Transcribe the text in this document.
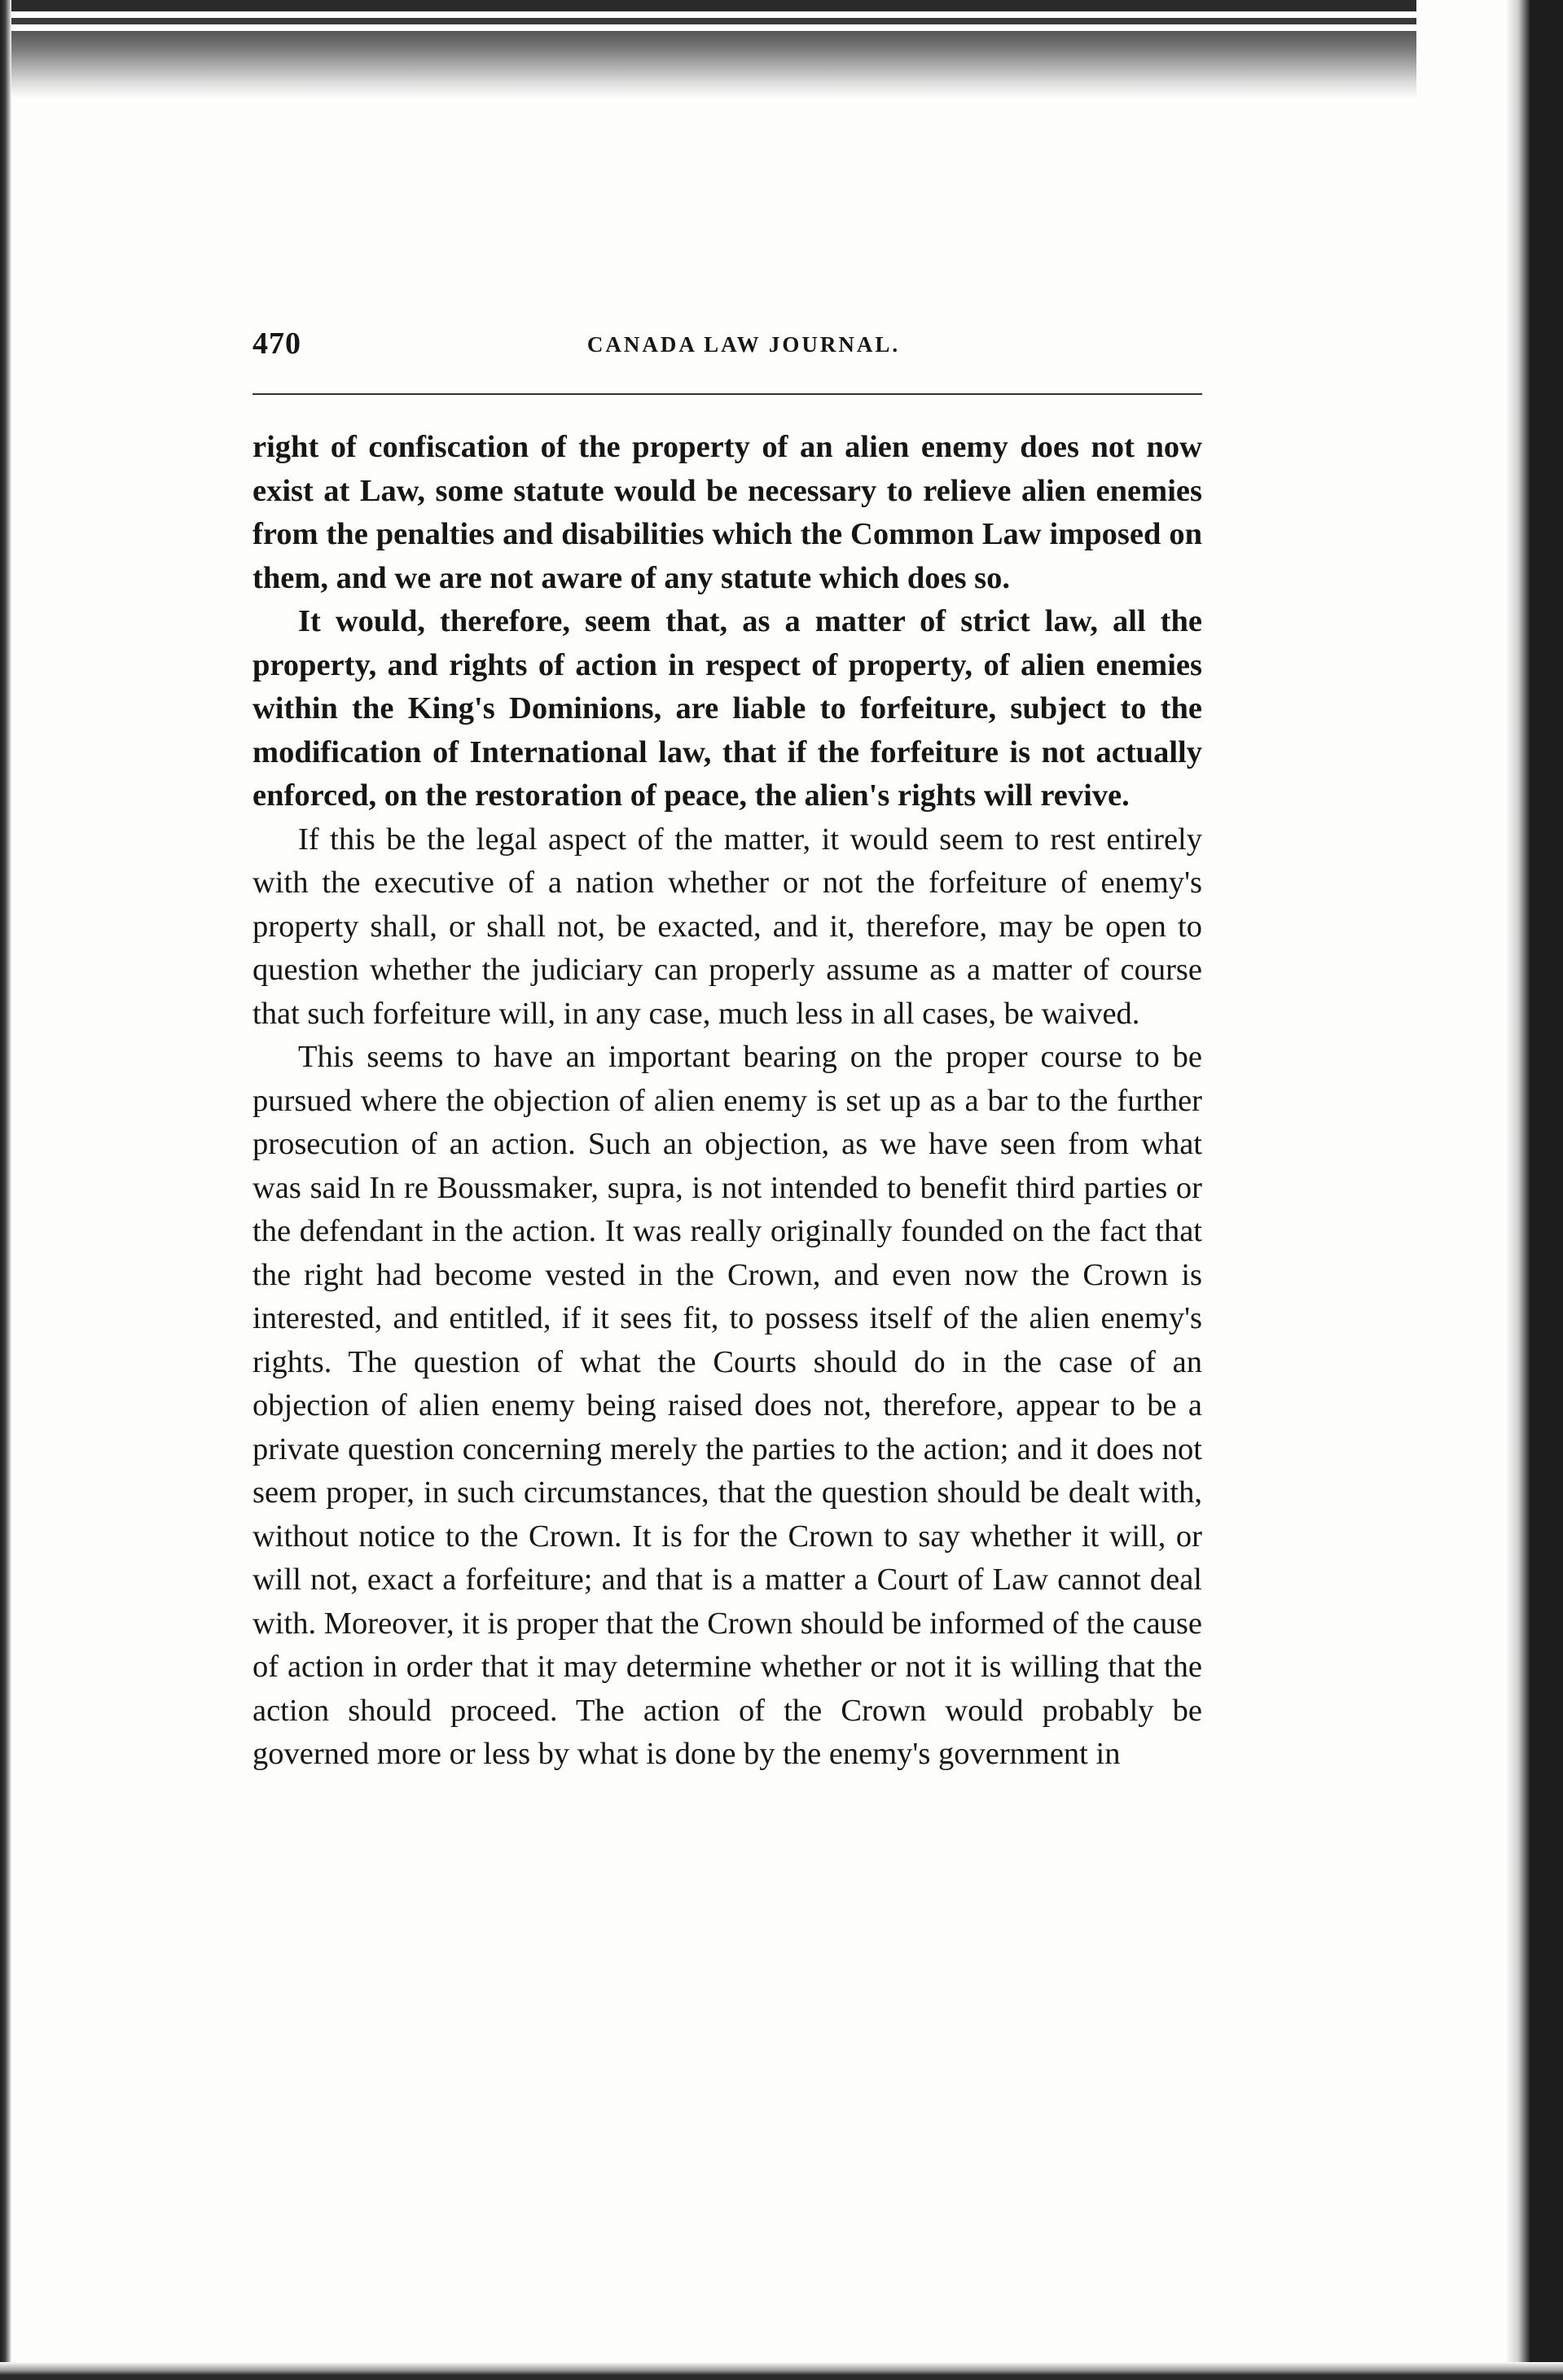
470	CANADA LAW JOURNAL.

right of confiscation of the property of an alien enemy does not now exist at Law, some statute would be necessary to relieve alien enemies from the penalties and disabilities which the Common Law imposed on them, and we are not aware of any statute which does so.

It would, therefore, seem that, as a matter of strict law, all the property, and rights of action in respect of property, of alien enemies within the King's Dominions, are liable to forfeiture, subject to the modification of International law, that if the forfeiture is not actually enforced, on the restoration of peace, the alien's rights will revive.

If this be the legal aspect of the matter, it would seem to rest entirely with the executive of a nation whether or not the forfeiture of enemy's property shall, or shall not, be exacted, and it, therefore, may be open to question whether the judiciary can properly assume as a matter of course that such forfeiture will, in any case, much less in all cases, be waived.

This seems to have an important bearing on the proper course to be pursued where the objection of alien enemy is set up as a bar to the further prosecution of an action. Such an objection, as we have seen from what was said In re Boussmaker, supra, is not intended to benefit third parties or the defendant in the action. It was really originally founded on the fact that the right had become vested in the Crown, and even now the Crown is interested, and entitled, if it sees fit, to possess itself of the alien enemy's rights. The question of what the Courts should do in the case of an objection of alien enemy being raised does not, therefore, appear to be a private question concerning merely the parties to the action; and it does not seem proper, in such circumstances, that the question should be dealt with, without notice to the Crown. It is for the Crown to say whether it will, or will not, exact a forfeiture; and that is a matter a Court of Law cannot deal with. Moreover, it is proper that the Crown should be informed of the cause of action in order that it may determine whether or not it is willing that the action should proceed. The action of the Crown would probably be governed more or less by what is done by the enemy's government in
